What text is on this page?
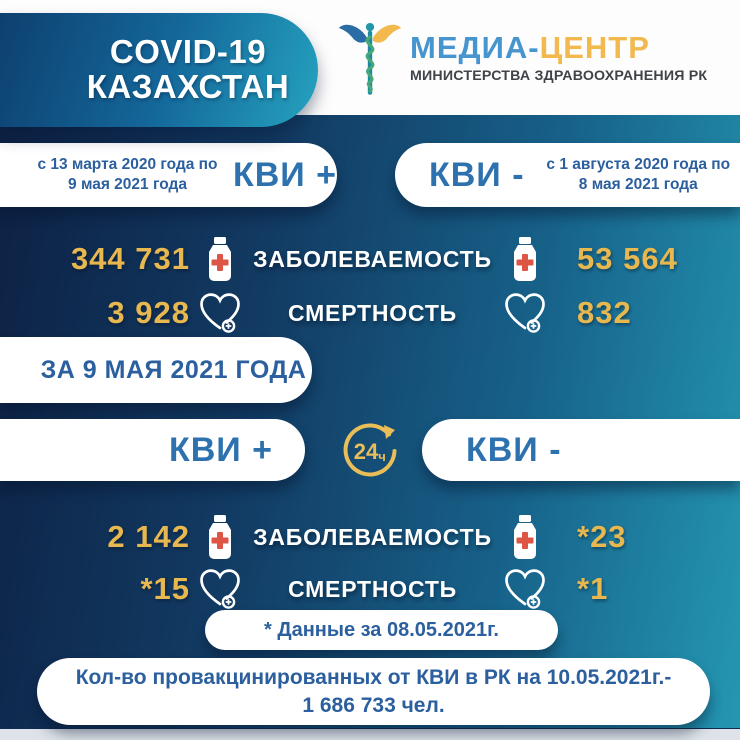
МЕДИА-ЦЕНТР
МИНИСТЕРСТВА ЗДРАВООХРАНЕНИЯ РК
COVID-19
КАЗАХСТАН
с 13 марта 2020 года по
9 мая 2021 года	КВИ +	КВИ -	с 1 августа 2020 года по
8 мая 2021 года
344 731	ЗАБОЛЕВАЕМОСТЬ	53 564
3 928	СМЕРТНОСТЬ	832
ЗА 9 МАЯ 2021 ГОДА
КВИ +	24 ч КВИ -
2 142	ЗАБОЛЕВАЕМОСТЬ	*23
*15	СМЕРТНОСТЬ	*1
* Данные за 08.05.2021г.
Кол-во провакцинированных от КВИ в РК на 10.05.2021г.-
1 686 733 чел.
